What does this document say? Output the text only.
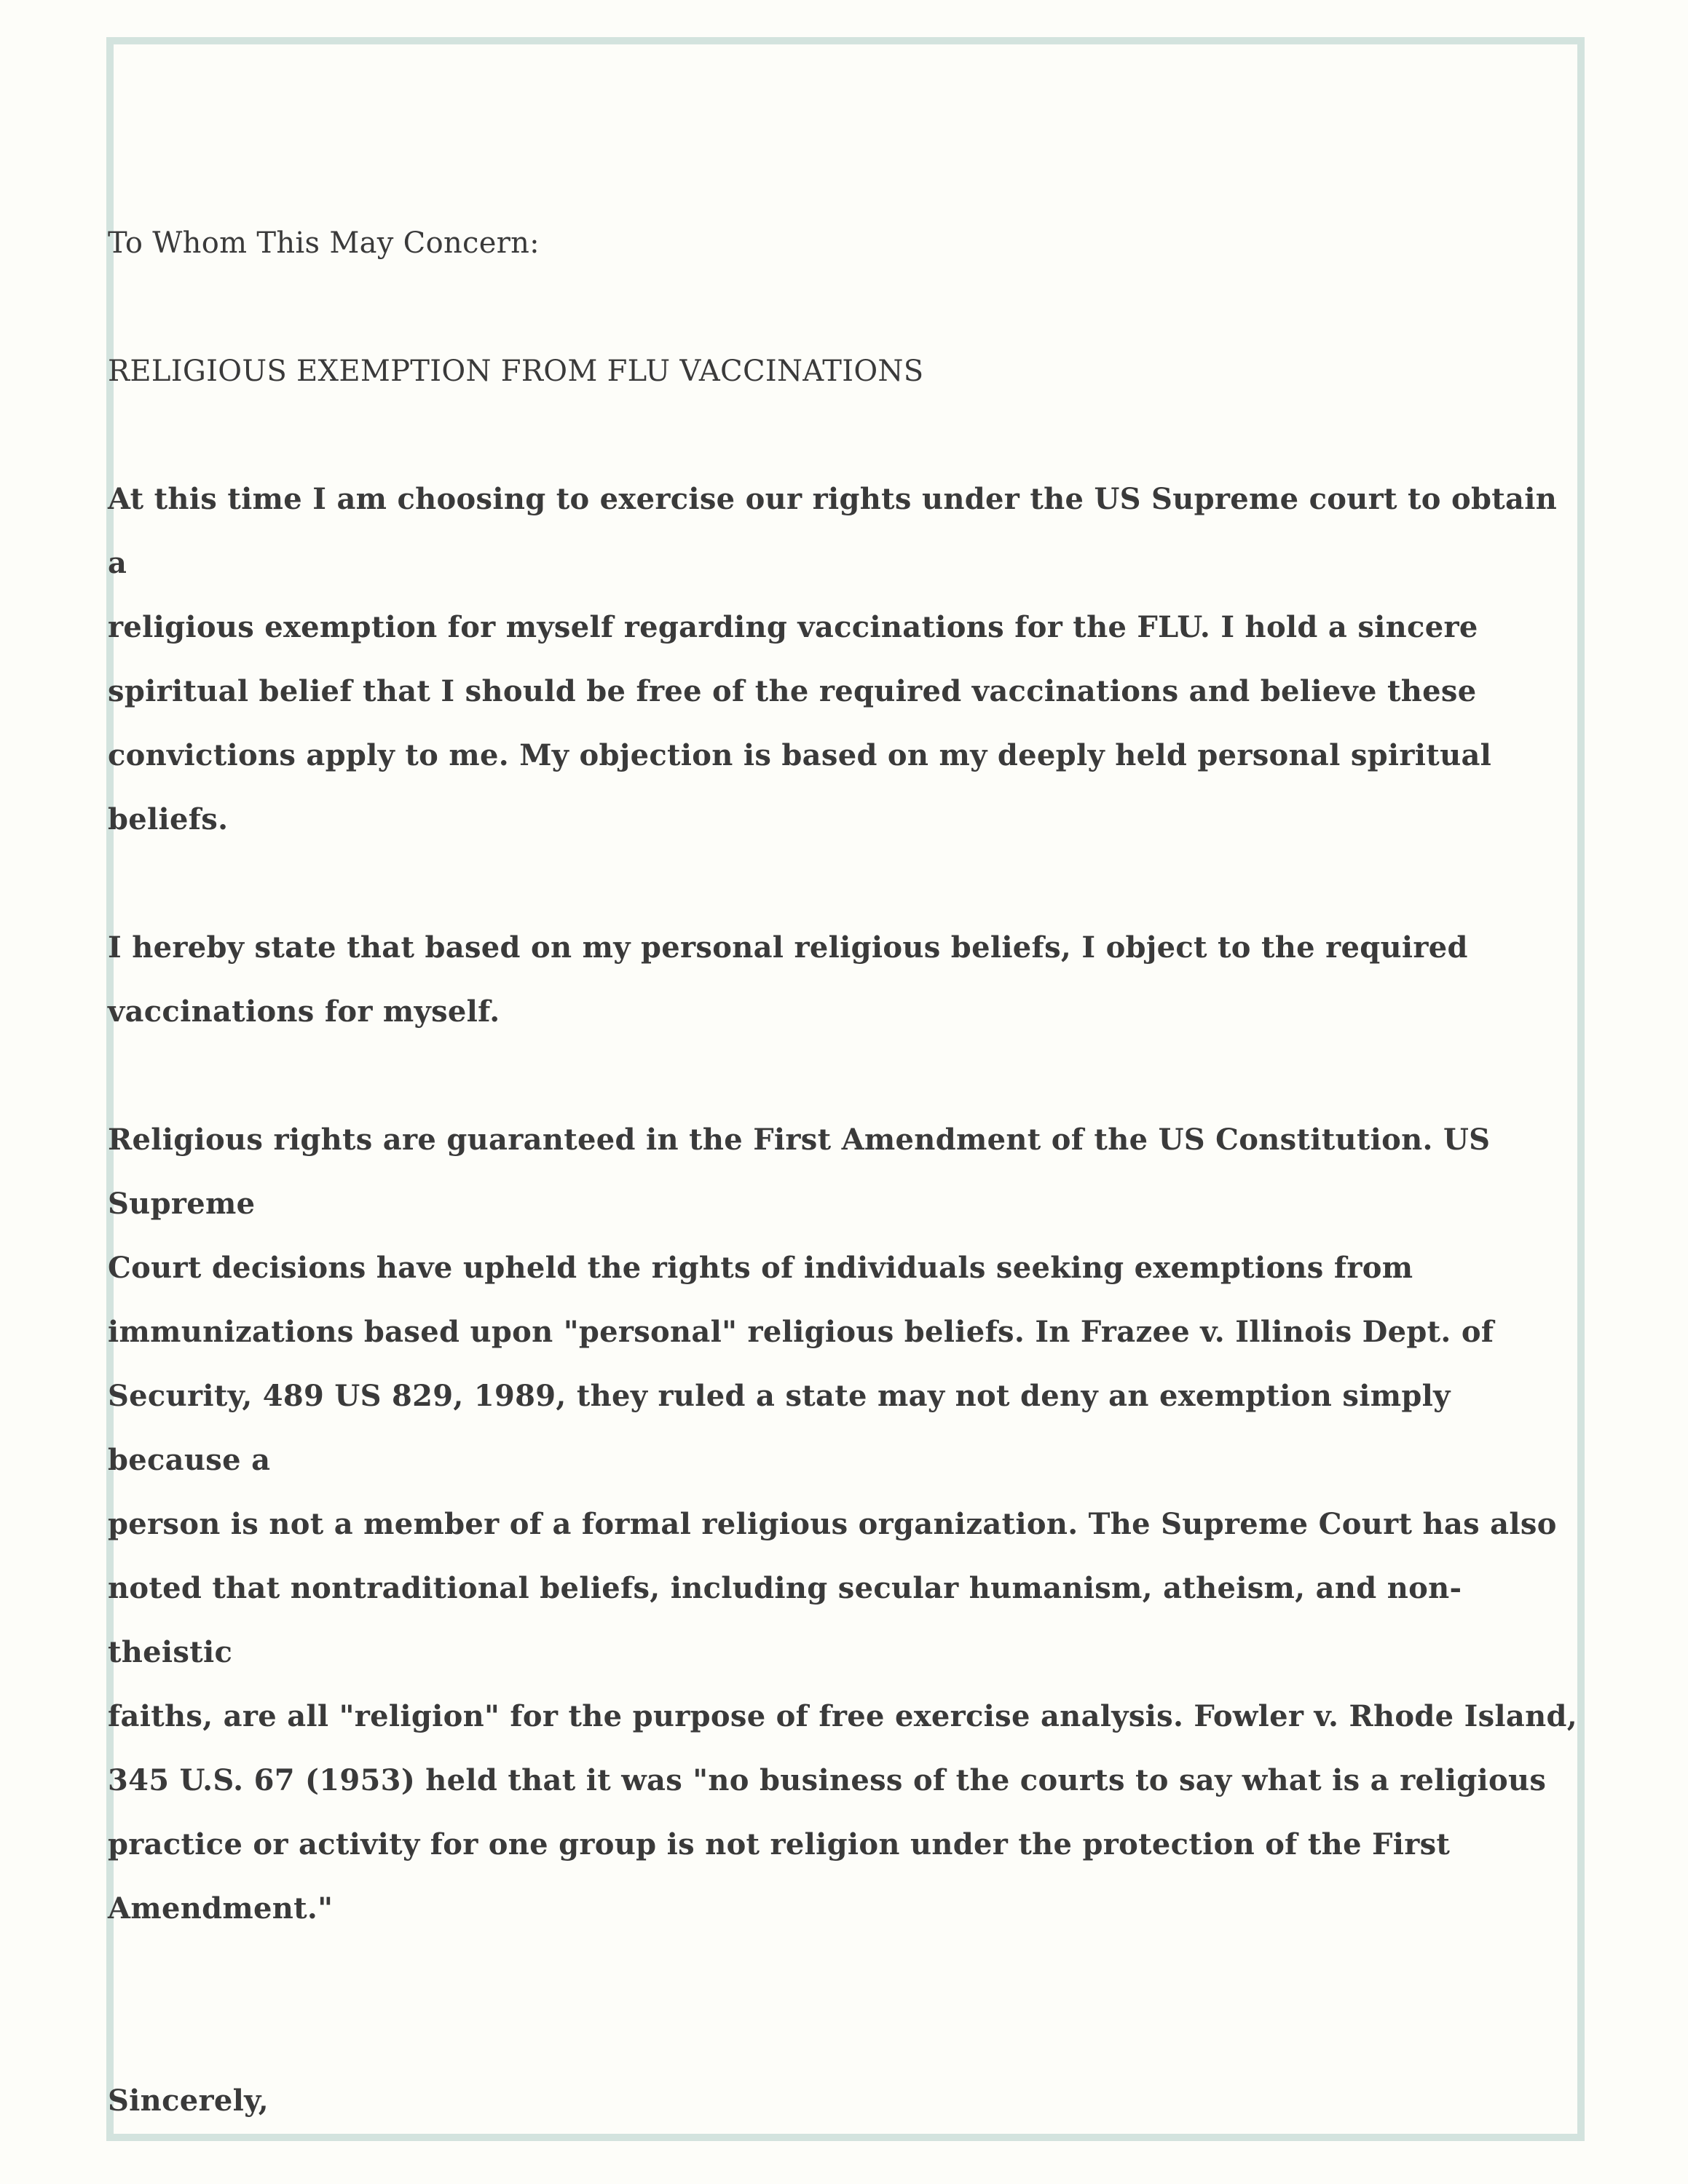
To Whom This May Concern:

RELIGIOUS EXEMPTION FROM FLU VACCINATIONS

At this time I am choosing to exercise our rights under the US Supreme court to obtain a
religious exemption for myself regarding vaccinations for the FLU. I hold a sincere
spiritual belief that I should be free of the required vaccinations and believe these
convictions apply to me. My objection is based on my deeply held personal spiritual beliefs.

I hereby state that based on my personal religious beliefs, I object to the required
vaccinations for myself.

Religious rights are guaranteed in the First Amendment of the US Constitution. US Supreme
Court decisions have upheld the rights of individuals seeking exemptions from
immunizations based upon "personal" religious beliefs. In Frazee v. Illinois Dept. of
Security, 489 US 829, 1989, they ruled a state may not deny an exemption simply because a
person is not a member of a formal religious organization. The Supreme Court has also
noted that nontraditional beliefs, including secular humanism, atheism, and non-theistic
faiths, are all "religion" for the purpose of free exercise analysis. Fowler v. Rhode Island,
345 U.S. 67 (1953) held that it was "no business of the courts to say what is a religious
practice or activity for one group is not religion under the protection of the First
Amendment."

Sincerely,
